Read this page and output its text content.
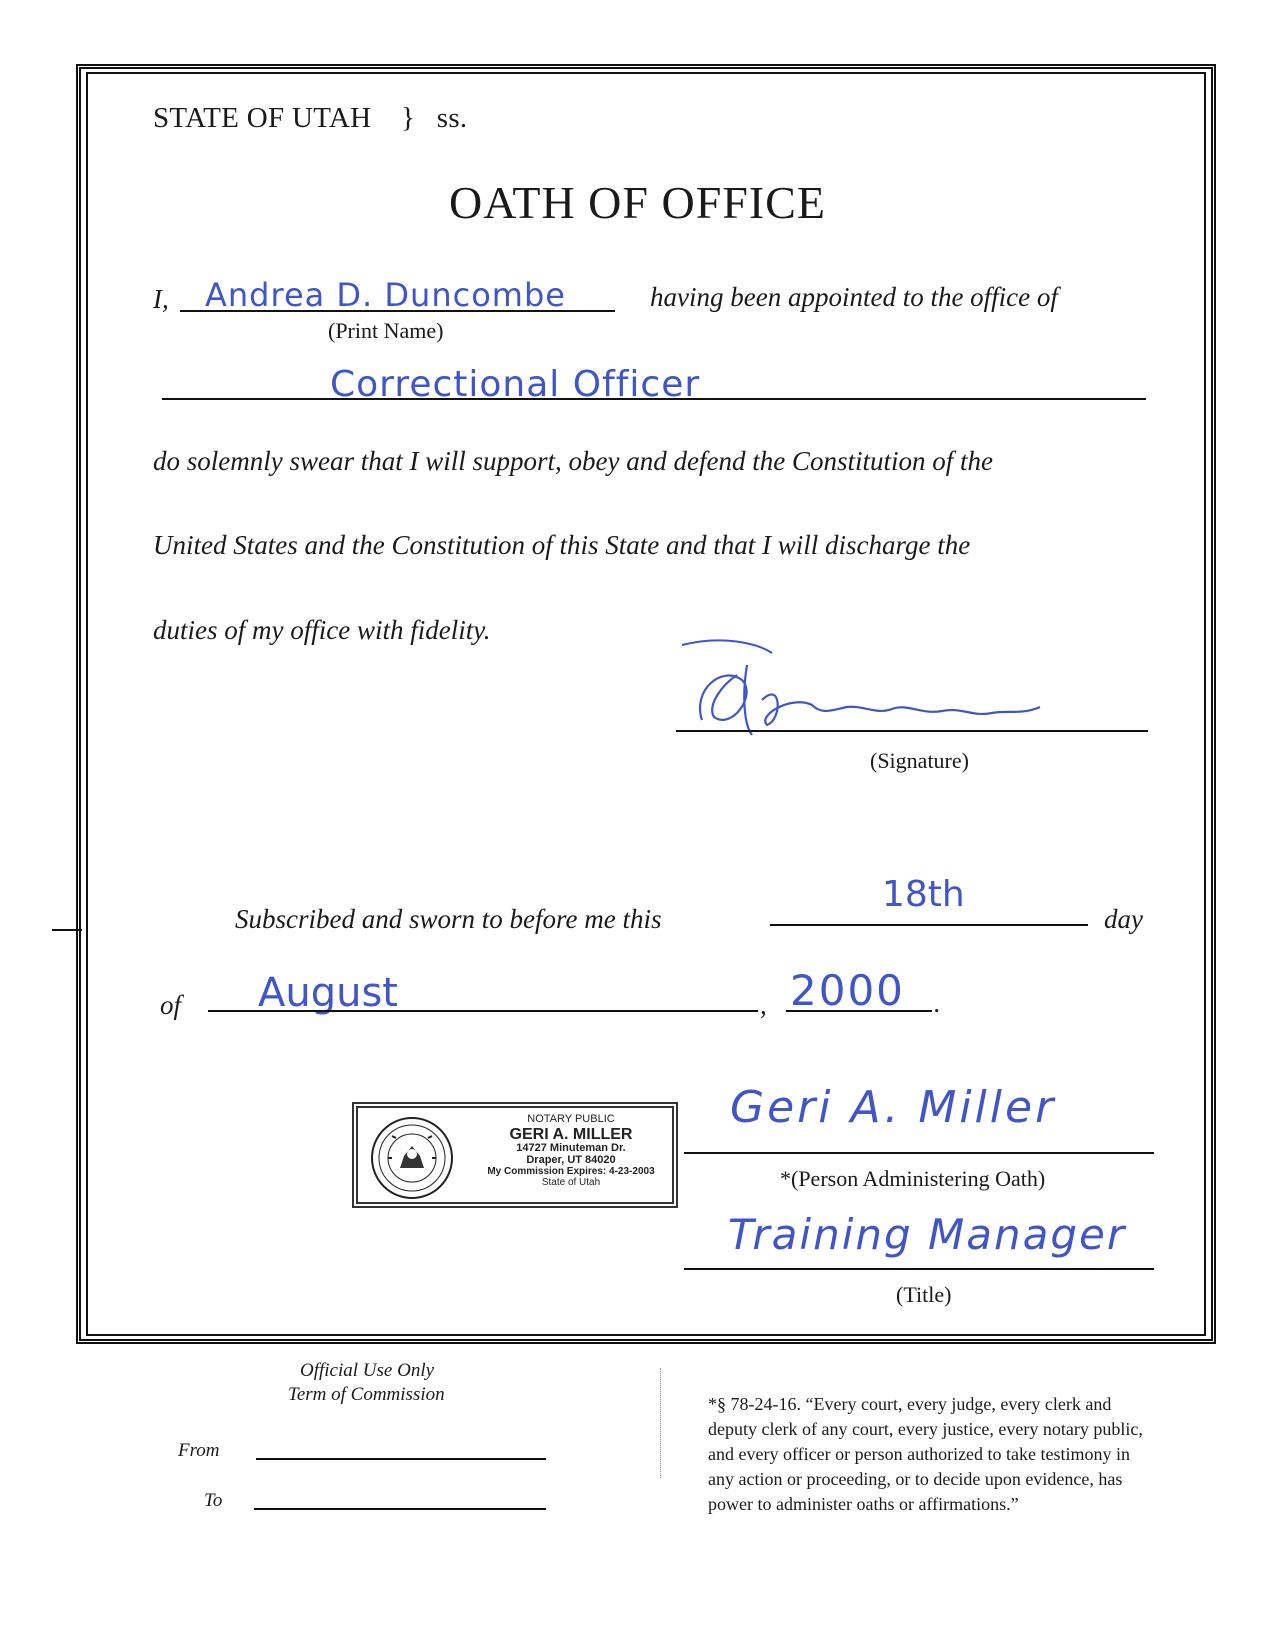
STATE OF UTAH } ss.
OATH OF OFFICE
I, Andrea D. Duncombe
(Print Name)
having been appointed to the office of
Correctional Officer
do solemnly swear that I will support, obey and defend the Constitution of the
United States and the Constitution of this State and that I will discharge the
duties of my office with fidelity.
(Signature)
Subscribed and sworn to before me this
18th
day
of August	, 2000 .
NOTARY PUBLIC
GERI A. MILLER
14727 Minuteman Dr.
Draper, UT 84020
My Commission Expires: 4-23-2003
State of Utah
Geri A. Miller
*(Person Administering Oath)
Training Manager
(Title)
Official Use Only
Term of Commission
From
To
*§ 78-24-16. “Every court, every judge, every clerk and
deputy clerk of any court, every justice, every notary public,
and every officer or person authorized to take testimony in
any action or proceeding, or to decide upon evidence, has
power to administer oaths or affirmations.”
